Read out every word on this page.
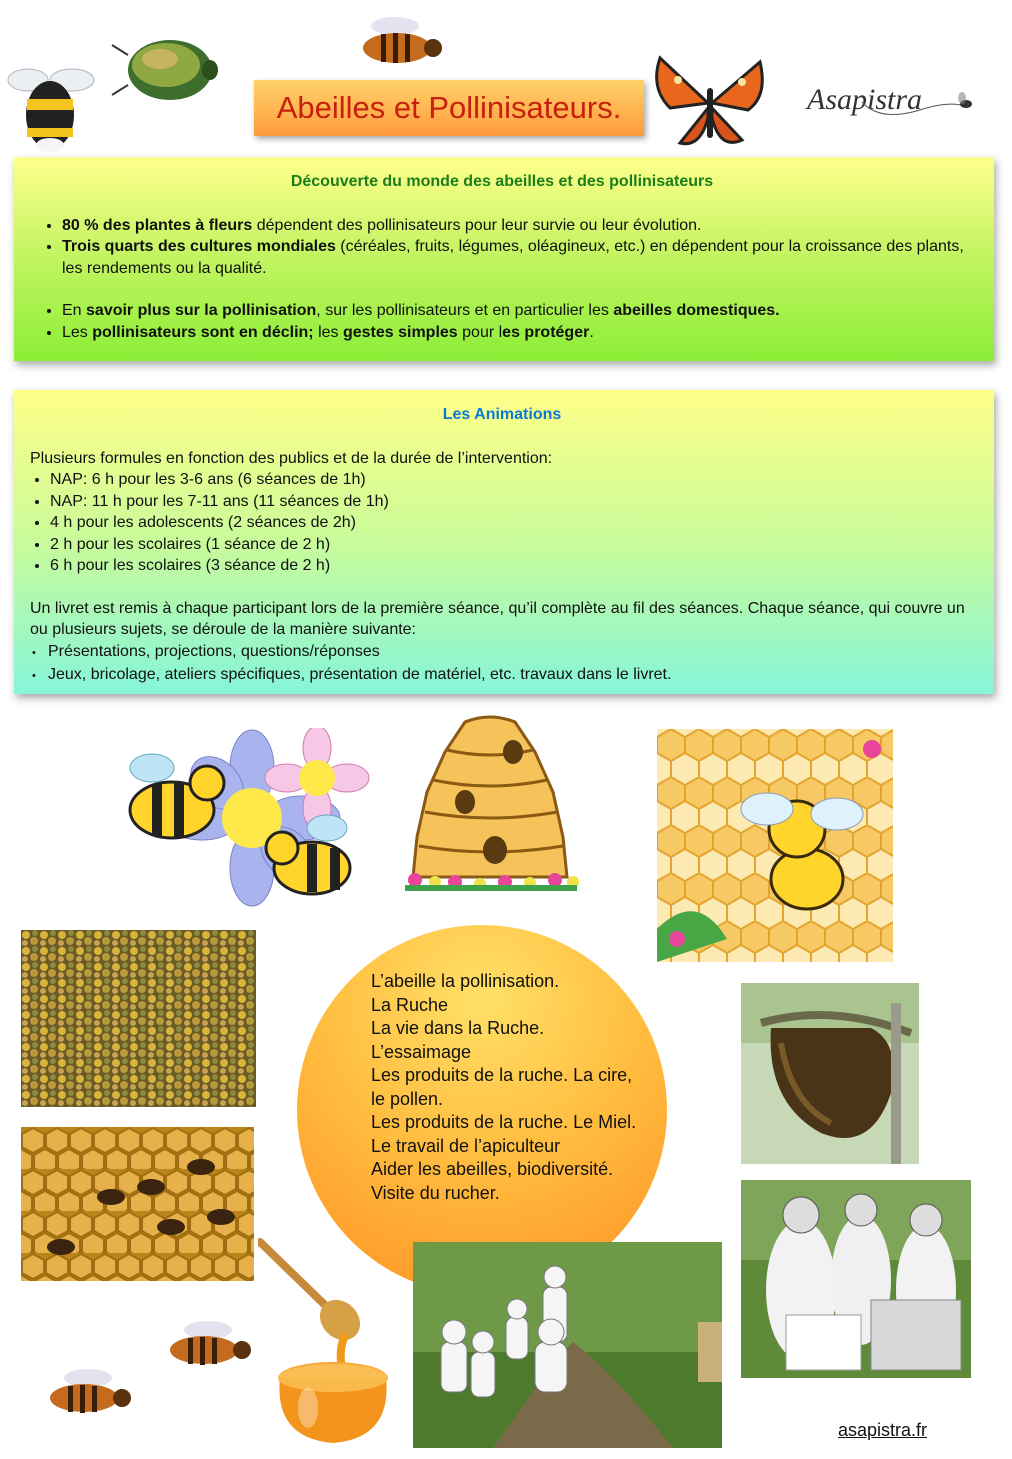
Abeilles et Pollinisateurs.	Asapistra
Découverte du monde des abeilles et des pollinisateurs
• 80 % des plantes à fleurs dépendent des pollinisateurs pour leur survie ou leur évolution.
• Trois quarts des cultures mondiales (céréales, fruits, légumes, oléagineux, etc.) en dépendent pour la croissance des plants, les rendements ou la qualité.
• En savoir plus sur la pollinisation, sur les pollinisateurs et en particulier les abeilles domestiques.
• Les pollinisateurs sont en déclin; les gestes simples pour les protéger.
Les Animations
Plusieurs formules en fonction des publics et de la durée de l’intervention:
• NAP: 6 h pour les 3-6 ans (6 séances de 1h)
• NAP: 11 h pour les 7-11 ans (11 séances de 1h)
• 4 h pour les adolescents (2 séances de 2h)
• 2 h pour les scolaires (1 séance de 2 h)
• 6 h pour les scolaires (3 séance de 2 h)
Un livret est remis à chaque participant lors de la première séance, qu’il complète au fil des séances. Chaque séance, qui couvre un ou plusieurs sujets, se déroule de la manière suivante:
• Présentations, projections, questions/réponses
• Jeux, bricolage, ateliers spécifiques, présentation de matériel, etc. travaux dans le livret.
L’abeille la pollinisation.
La Ruche
La vie dans la Ruche.
L’essaimage
Les produits de la ruche. La cire, le pollen.
Les produits de la ruche. Le Miel.
Le travail de l’apiculteur
Aider les abeilles, biodiversité.
Visite du rucher.
asapistra.fr
